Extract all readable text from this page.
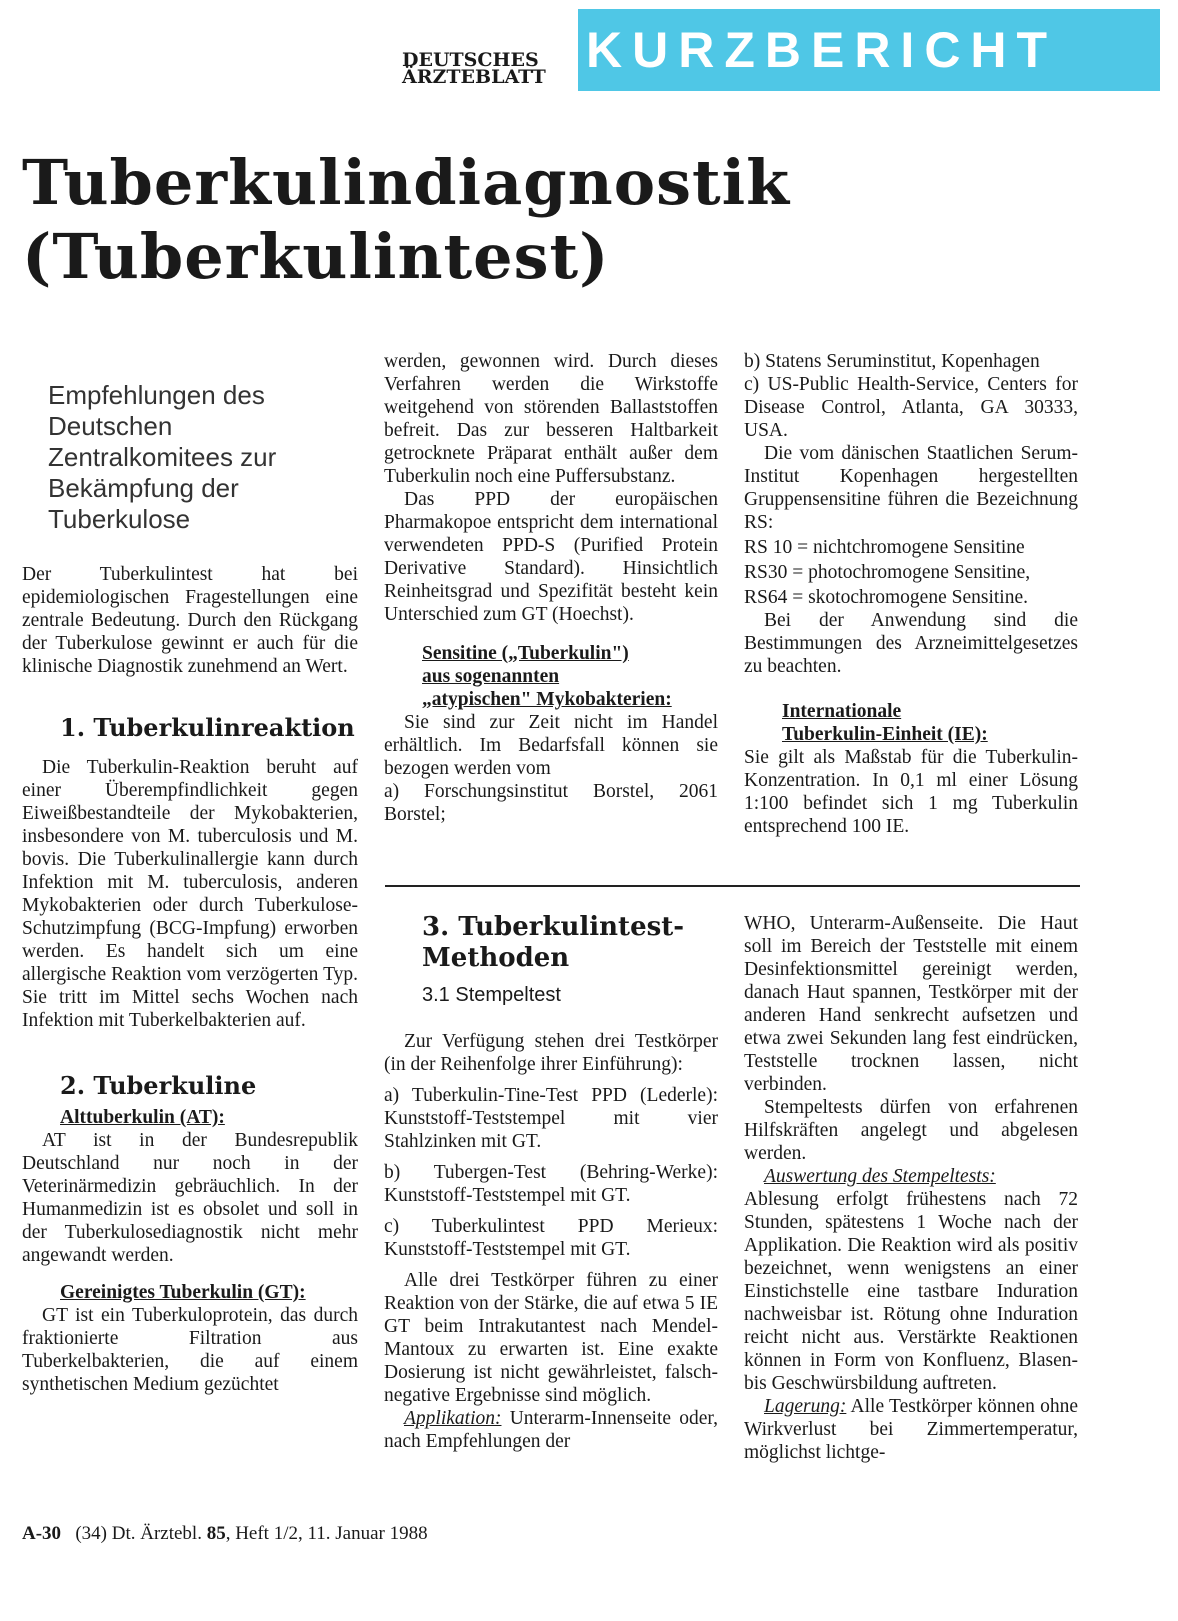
DEUTSCHES
ÄRZTEBLATT KURZBERICHT
Tuberkulindiagnostik
(Tuberkulintest)
Empfehlungen des Deutschen Zentralkomitees zur Bekämpfung der Tuberkulose

Der Tuberkulintest hat bei epidemiologischen Fragestellungen eine zentrale Bedeutung. Durch den Rückgang der Tuberkulose gewinnt er auch für die klinische Diagnostik zunehmend an Wert.

1. Tuberkulinreaktion

Die Tuberkulin-Reaktion beruht auf einer Überempfindlichkeit gegen Eiweißbestandteile der Mykobakterien, insbesondere von M. tuberculosis und M. bovis. Die Tuberkulinallergie kann durch Infektion mit M. tuberculosis, anderen Mykobakterien oder durch Tuberkulose-Schutzimpfung (BCG-Impfung) erworben werden. Es handelt sich um eine allergische Reaktion vom verzögerten Typ. Sie tritt im Mittel sechs Wochen nach Infektion mit Tuberkelbakterien auf.

2. Tuberkuline
Alttuberkulin (AT):

AT ist in der Bundesrepublik Deutschland nur noch in der Veterinärmedizin gebräuchlich. In der Humanmedizin ist es obsolet und soll in der Tuberkulosediagnostik nicht mehr angewandt werden.

Gereinigtes Tuberkulin (GT):

GT ist ein Tuberkuloprotein, das durch fraktionierte Filtration aus Tuberkelbakterien, die auf einem synthetischen Medium gezüchtet

werden, gewonnen wird. Durch dieses Verfahren werden die Wirkstoffe weitgehend von störenden Ballaststoffen befreit. Das zur besseren Haltbarkeit getrocknete Präparat enthält außer dem Tuberkulin noch eine Puffersubstanz.

Das PPD der europäischen Pharmakopoe entspricht dem international verwendeten PPD-S (Purified Protein Derivative Standard). Hinsichtlich Reinheitsgrad und Spezifität besteht kein Unterschied zum GT (Hoechst).

Sensitine („Tuberkulin")
aus sogenannten
„atypischen" Mykobakterien:

Sie sind zur Zeit nicht im Handel erhältlich. Im Bedarfsfall können sie bezogen werden vom

a) Forschungsinstitut Borstel, 2061 Borstel;

b) Statens Seruminstitut, Kopenhagen

c) US-Public Health-Service, Centers for Disease Control, Atlanta, GA 30333, USA.

Die vom dänischen Staatlichen Serum-Institut Kopenhagen hergestellten Gruppensensitine führen die Bezeichnung RS:

RS 10 = nichtchromogene Sensitine

RS30 = photochromogene Sensitine,

RS64 = skotochromogene Sensitine.

Bei der Anwendung sind die Bestimmungen des Arzneimittelgesetzes zu beachten.

Internationale
Tuberkulin-Einheit (IE):

Sie gilt als Maßstab für die Tuberkulin-Konzentration. In 0,1 ml einer Lösung 1:100 befindet sich 1 mg Tuberkulin entsprechend 100 IE.

3. Tuberkulintest-
Methoden
3.1 Stempeltest

Zur Verfügung stehen drei Testkörper (in der Reihenfolge ihrer Einführung):

a) Tuberkulin-Tine-Test PPD (Lederle): Kunststoff-Teststempel mit vier Stahlzinken mit GT.

b) Tubergen-Test (Behring-Werke): Kunststoff-Teststempel mit GT.

c) Tuberkulintest PPD Merieux: Kunststoff-Teststempel mit GT.

Alle drei Testkörper führen zu einer Reaktion von der Stärke, die auf etwa 5 IE GT beim Intrakutantest nach Mendel-Mantoux zu erwarten ist. Eine exakte Dosierung ist nicht gewährleistet, falsch-negative Ergebnisse sind möglich.

Applikation: Unterarm-Innenseite oder, nach Empfehlungen der

WHO, Unterarm-Außenseite. Die Haut soll im Bereich der Teststelle mit einem Desinfektionsmittel gereinigt werden, danach Haut spannen, Testkörper mit der anderen Hand senkrecht aufsetzen und etwa zwei Sekunden lang fest eindrücken, Teststelle trocknen lassen, nicht verbinden.

Stempeltests dürfen von erfahrenen Hilfskräften angelegt und abgelesen werden.

Auswertung des Stempeltests:

Ablesung erfolgt frühestens nach 72 Stunden, spätestens 1 Woche nach der Applikation. Die Reaktion wird als positiv bezeichnet, wenn wenigstens an einer Einstichstelle eine tastbare Induration nachweisbar ist. Rötung ohne Induration reicht nicht aus. Verstärkte Reaktionen können in Form von Konfluenz, Blasen- bis Geschwürsbildung auftreten.

Lagerung: Alle Testkörper können ohne Wirkverlust bei Zimmertemperatur, möglichst lichtge-

A-30 (34) Dt. Ärztebl. 85, Heft 1/2, 11. Januar 1988
